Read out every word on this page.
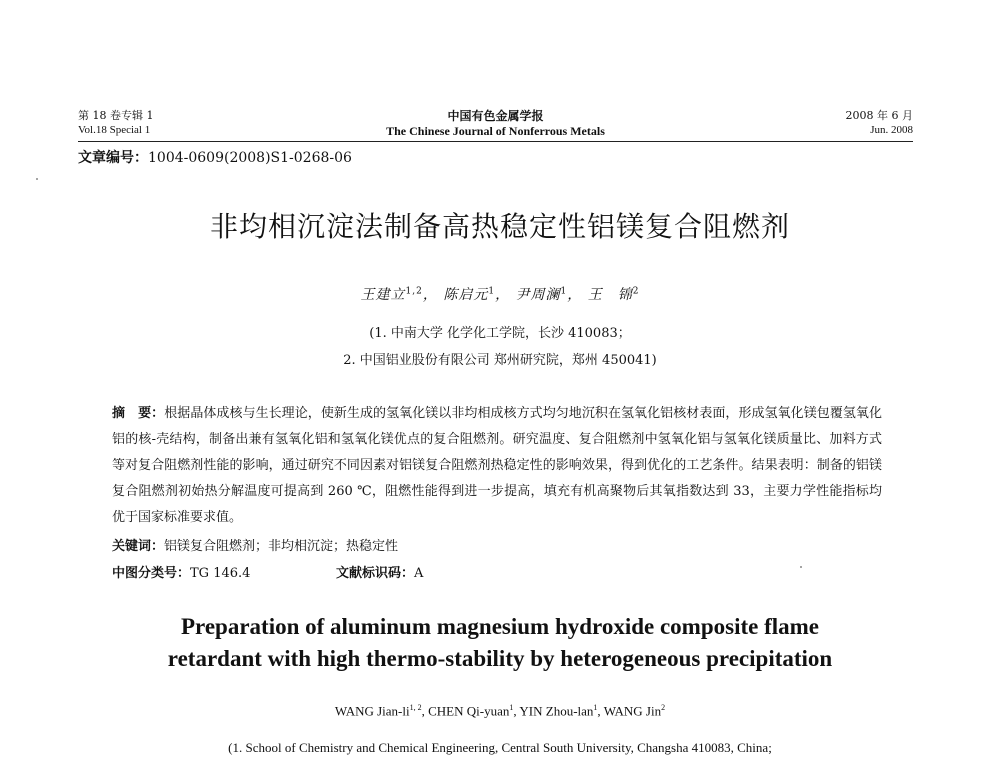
第 18 卷专辑 1	中国有色金属学报	2008 年 6 月
Vol.18 Special 1	The Chinese Journal of Nonferrous Metals	Jun. 2008
文章编号：1004-0609(2008)S1-0268-06
非均相沉淀法制备高热稳定性铝镁复合阻燃剂
王建立$^{1,2}$， 陈启元$^1$， 尹周澜$^1$， 王　锦$^2$
(1. 中南大学 化学化工学院，长沙 410083；
2. 中国铝业股份有限公司 郑州研究院，郑州 450041)
摘　要：根据晶体成核与生长理论，使新生成的氢氧化镁以非均相成核方式均匀地沉积在氢氧化铝核材表面，形成氢氧化镁包覆氢氧化铝的核-壳结构，制备出兼有氢氧化铝和氢氧化镁优点的复合阻燃剂。研究温度、复合阻燃剂中氢氧化铝与氢氧化镁质量比、加料方式等对复合阻燃剂性能的影响，通过研究不同因素对铝镁复合阻燃剂热稳定性的影响效果，得到优化的工艺条件。结果表明：制备的铝镁复合阻燃剂初始热分解温度可提高到 260 ℃，阻燃性能得到进一步提高，填充有机高聚物后其氧指数达到 33，主要力学性能指标均优于国家标准要求值。
关键词：铝镁复合阻燃剂；非均相沉淀；热稳定性
中图分类号：TG 146.4	文献标识码：A
Preparation of aluminum magnesium hydroxide composite flame
retardant with high thermo-stability by heterogeneous precipitation
WANG Jian-li$^{1, 2}$, CHEN Qi-yuan$^1$, YIN Zhou-lan$^1$, WANG Jin$^2$
(1. School of Chemistry and Chemical Engineering, Central South University, Changsha 410083, China;
